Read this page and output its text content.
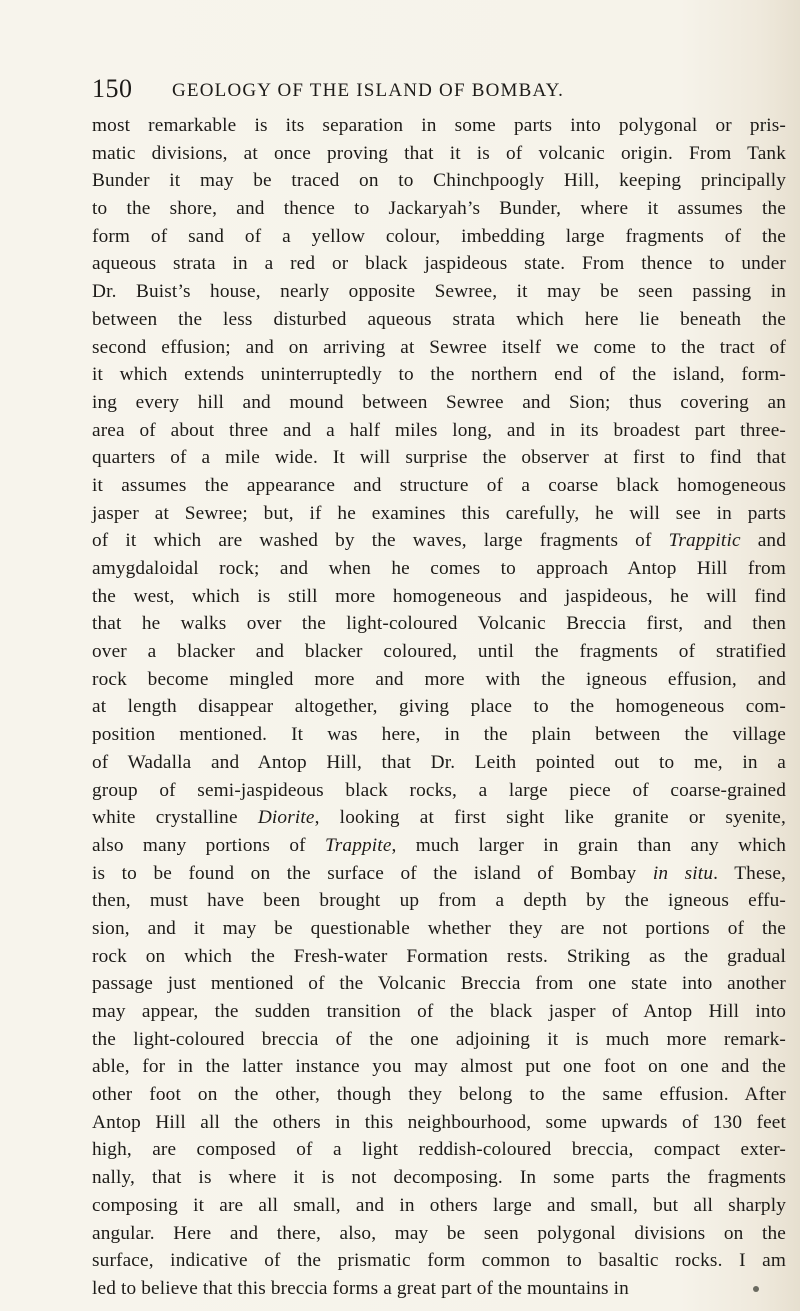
150 GEOLOGY OF THE ISLAND OF BOMBAY.
most remarkable is its separation in some parts into polygonal or pris-
matic divisions, at once proving that it is of volcanic origin. From Tank
Bunder it may be traced on to Chinchpoogly Hill, keeping principally
to the shore, and thence to Jackaryah’s Bunder, where it assumes the
form of sand of a yellow colour, imbedding large fragments of the
aqueous strata in a red or black jaspideous state. From thence to under
Dr. Buist’s house, nearly opposite Sewree, it may be seen passing in
between the less disturbed aqueous strata which here lie beneath the
second effusion; and on arriving at Sewree itself we come to the tract of
it which extends uninterruptedly to the northern end of the island, form-
ing every hill and mound between Sewree and Sion; thus covering an
area of about three and a half miles long, and in its broadest part three-
quarters of a mile wide. It will surprise the observer at first to find that
it assumes the appearance and structure of a coarse black homogeneous
jasper at Sewree; but, if he examines this carefully, he will see in parts
of it which are washed by the waves, large fragments of Trappitic and
amygdaloidal rock; and when he comes to approach Antop Hill from
the west, which is still more homogeneous and jaspideous, he will find
that he walks over the light-coloured Volcanic Breccia first, and then
over a blacker and blacker coloured, until the fragments of stratified
rock become mingled more and more with the igneous effusion, and
at length disappear altogether, giving place to the homogeneous com-
position mentioned. It was here, in the plain between the village
of Wadalla and Antop Hill, that Dr. Leith pointed out to me, in a
group of semi-jaspideous black rocks, a large piece of coarse-grained
white crystalline Diorite, looking at first sight like granite or syenite,
also many portions of Trappite, much larger in grain than any which
is to be found on the surface of the island of Bombay in situ. These,
then, must have been brought up from a depth by the igneous effu-
sion, and it may be questionable whether they are not portions of the
rock on which the Fresh-water Formation rests. Striking as the gradual
passage just mentioned of the Volcanic Breccia from one state into another
may appear, the sudden transition of the black jasper of Antop Hill into
the light-coloured breccia of the one adjoining it is much more remark-
able, for in the latter instance you may almost put one foot on one and the
other foot on the other, though they belong to the same effusion. After
Antop Hill all the others in this neighbourhood, some upwards of 130 feet
high, are composed of a light reddish-coloured breccia, compact exter-
nally, that is where it is not decomposing. In some parts the fragments
composing it are all small, and in others large and small, but all sharply
angular. Here and there, also, may be seen polygonal divisions on the
surface, indicative of the prismatic form common to basaltic rocks. I am
led to believe that this breccia forms a great part of the mountains in
